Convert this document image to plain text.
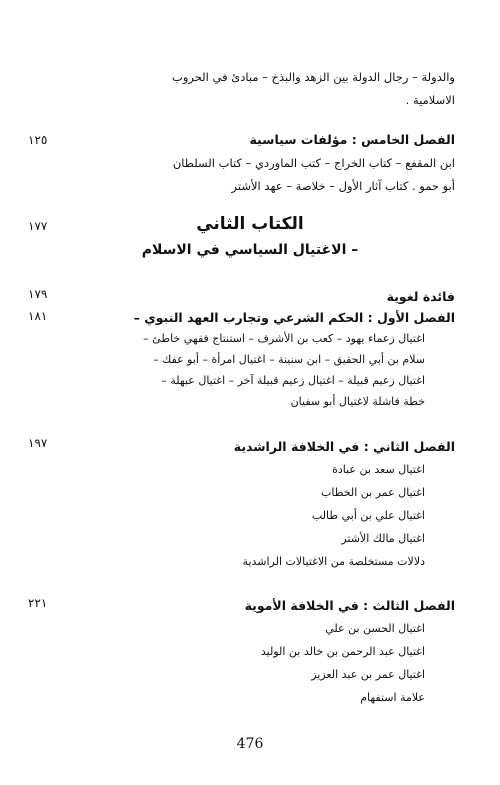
والدولة – رجال الدولة بين الزهد والبذخ – مبادئ في الحروب
الاسلامية .
١٢٥	الفصل الخامس : مؤلفات سياسية
ابن المقفع – كتاب الخراج – كتب الماوردي – كتاب السلطان
أبو حمو . كتاب آثار الأول – خلاصة – عهد الأشتر
١٧٧	الكتاب الثاني
– الاغتيال السياسي في الاسلام
١٧٩	فائدة لغوية
١٨١	الفصل الأول : الحكم الشرعي وتجارب العهد النبوي –
اغتيال زعماء يهود – كعب بن الأشرف – استنتاج فقهي خاطئ –
سلام بن أبي الحقيق – ابن سنينة – اغتيال امرأة – أبو عفك –
اغتيال زعيم قبيلة – اغتيال زعيم قبيلة آخر – اغتيال عبهلة –
خطة فاشلة لاغتيال أبو سفيان
١٩٧	الفصل الثاني : في الخلافة الراشدية
اغتيال سعد بن عبادة
اغتيال عمر بن الخطاب
اغتيال علي بن أبي طالب
اغتيال مالك الأشتر
دلالات مستخلصة من الاغتيالات الراشدية
٢٢١	الفصل الثالث : في الخلافة الأموية
اغتيال الحسن بن علي
اغتيال عبد الرحمن بن خالد بن الوليد
اغتيال عمر بن عبد العزيز
علامة استفهام
476
